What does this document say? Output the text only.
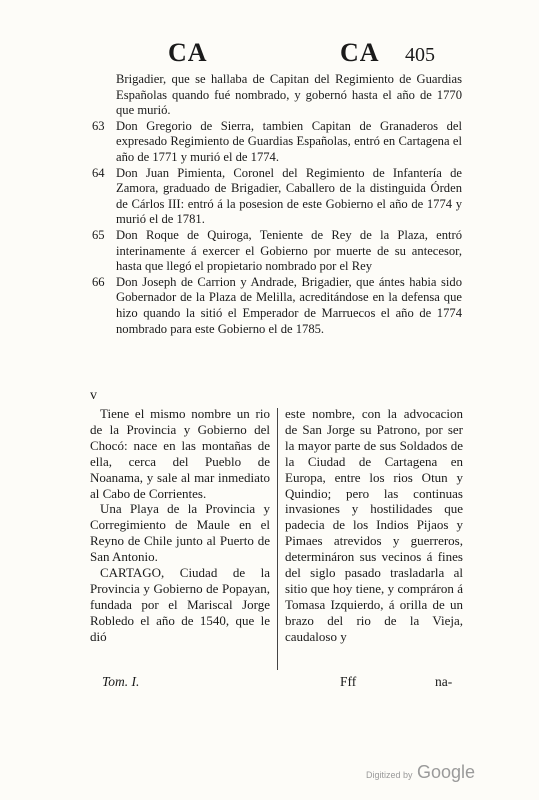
CA	CA 405
Brigadier, que se hallaba de Capitan del Regimiento de Guardias Españolas quando fué nombrado, y gobernó hasta el año de 1770 que murió.
63 Don Gregorio de Sierra, tambien Capitan de Granaderos del expresado Regimiento de Guardias Españolas, entró en Cartagena el año de 1771 y murió el de 1774.
64 Don Juan Pimienta, Coronel del Regimiento de Infantería de Zamora, graduado de Brigadier, Caballero de la distinguida Órden de Cárlos III: entró á la posesion de este Gobierno el año de 1774 y murió el de 1781.
65 Don Roque de Quiroga, Teniente de Rey de la Plaza, entró interinamente á exercer el Gobierno por muerte de su antecesor, hasta que llegó el propietario nombrado por el Rey
66 Don Joseph de Carrion y Andrade, Brigadier, que ántes habia sido Gobernador de la Plaza de Melilla, acreditándose en la defensa que hizo quando la sitió el Emperador de Marruecos el año de 1774 nombrado para este Gobierno el de 1785.
v

Tiene el mismo nombre un rio de la Provincia y Gobierno del Chocó: nace en las montañas de ella, cerca del Pueblo de Noanama, y sale al mar inmediato al Cabo de Corrientes.

Una Playa de la Provincia y Corregimiento de Maule en el Reyno de Chile junto al Puerto de San Antonio.

CARTAGO, Ciudad de la Provincia y Gobierno de Popayan, fundada por el Mariscal Jorge Robledo el año de 1540, que le dió

este nombre, con la advocacion de San Jorge su Patrono, por ser la mayor parte de sus Soldados de la Ciudad de Cartagena en Europa, entre los rios Otun y Quindio; pero las continuas invasiones y hostilidades que padecia de los Indios Pijaos y Pimaes atrevidos y guerreros, determináron sus vecinos á fines del siglo pasado trasladarla al sitio que hoy tiene, y compráron á Tomasa Izquierdo, á orilla de un brazo del rio de la Vieja, caudaloso y

Tom. I.	Fff	na-
Digitized by Google
